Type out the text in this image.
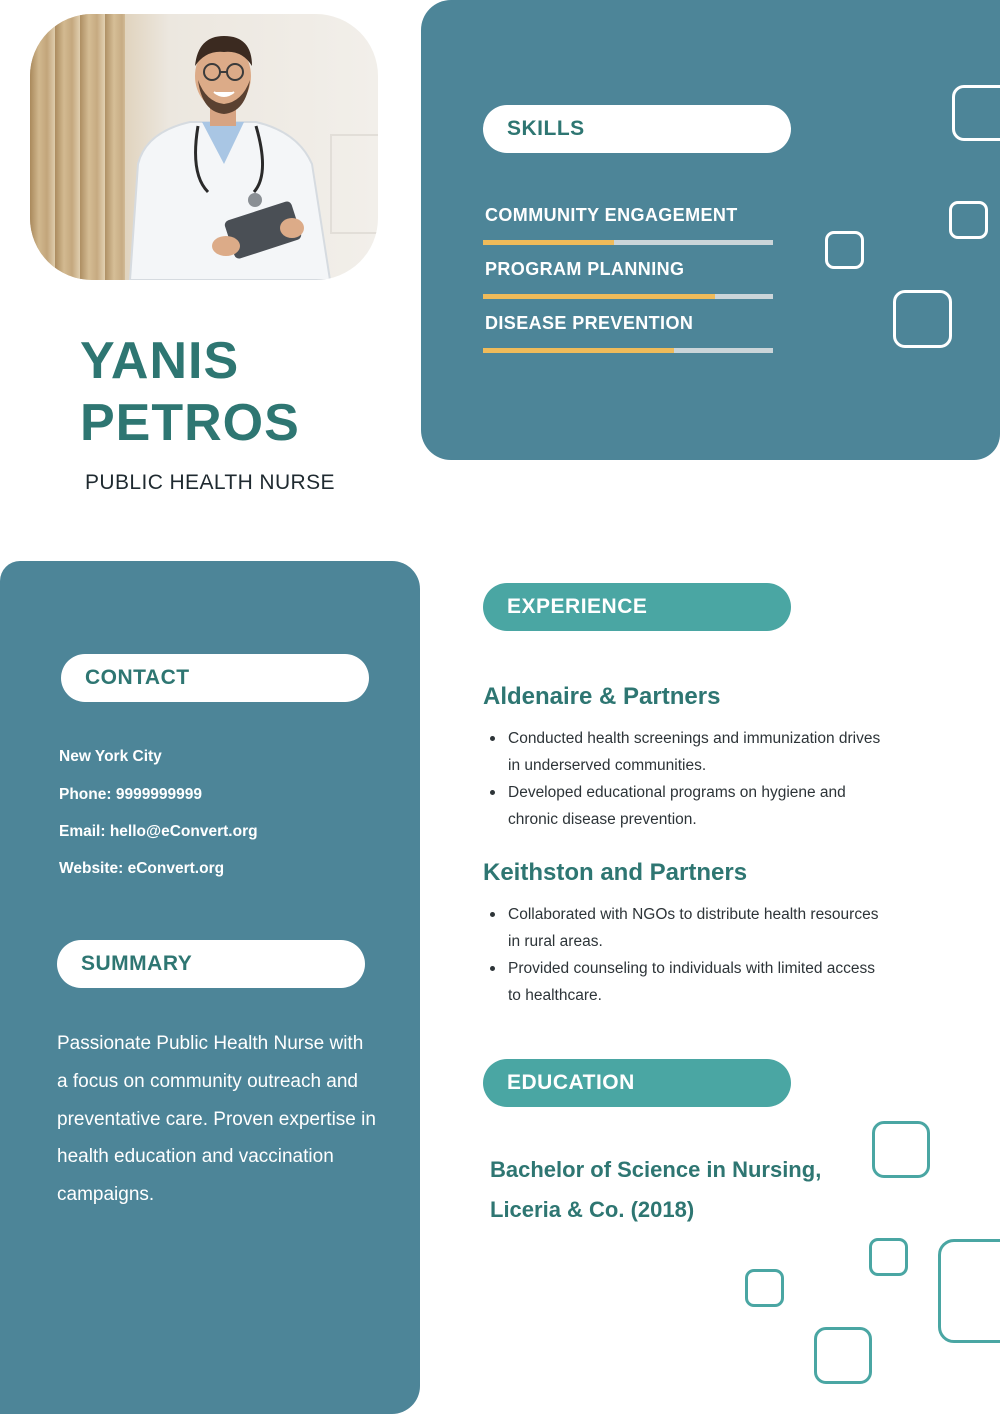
SKILLS
COMMUNITY ENGAGEMENT
PROGRAM PLANNING
DISEASE PREVENTION
YANIS
PETROS
PUBLIC HEALTH NURSE
CONTACT
New York City
Phone: 9999999999
Email: hello@eConvert.org
Website: eConvert.org
SUMMARY
Passionate Public Health Nurse with a focus on community outreach and preventative care. Proven expertise in health education and vaccination campaigns.
EXPERIENCE
Aldenaire & Partners
Conducted health screenings and immunization drives in underserved communities.
Developed educational programs on hygiene and chronic disease prevention.
Keithston and Partners
Collaborated with NGOs to distribute health resources in rural areas.
Provided counseling to individuals with limited access to healthcare.
EDUCATION
Bachelor of Science in Nursing, Liceria & Co. (2018)
